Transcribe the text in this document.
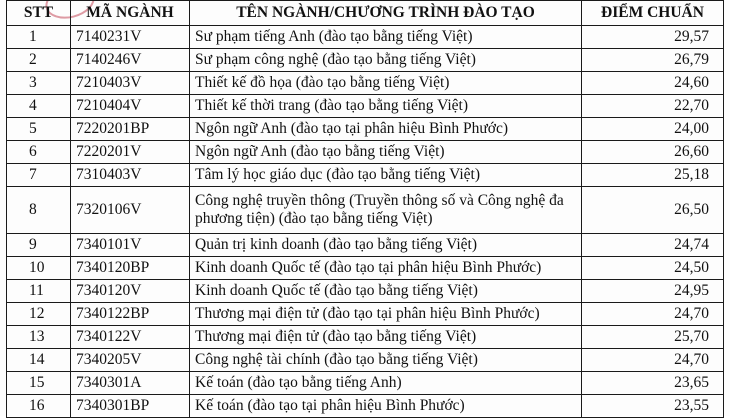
STT	MÃ NGÀNH	TÊN NGÀNH/CHƯƠNG TRÌNH ĐÀO TẠO	ĐIỂM CHUẨN
1	7140231V	Sư phạm tiếng Anh (đào tạo bằng tiếng Việt)	29,57
2	7140246V	Sư phạm công nghệ (đào tạo bằng tiếng Việt)	26,79
3	7210403V	Thiết kế đồ họa (đào tạo bằng tiếng Việt)	24,60
4	7210404V	Thiết kế thời trang (đào tạo bằng tiếng Việt)	22,70
5	7220201BP	Ngôn ngữ Anh (đào tạo tại phân hiệu Bình Phước)	24,00
6	7220201V	Ngôn ngữ Anh (đào tạo bằng tiếng Việt)	26,60
7	7310403V	Tâm lý học giáo dục (đào tạo bằng tiếng Việt)	25,18
8	7320106V	Công nghệ truyền thông (Truyền thông số và Công nghệ đa phương tiện) (đào tạo bằng tiếng Việt)	26,50
9	7340101V	Quản trị kinh doanh (đào tạo bằng tiếng Việt)	24,74
10	7340120BP	Kinh doanh Quốc tế (đào tạo tại phân hiệu Bình Phước)	24,50
11	7340120V	Kinh doanh Quốc tế (đào tạo bằng tiếng Việt)	24,95
12	7340122BP	Thương mại điện tử (đào tạo tại phân hiệu Bình Phước)	24,70
13	7340122V	Thương mại điện tử (đào tạo bằng tiếng Việt)	25,70
14	7340205V	Công nghệ tài chính (đào tạo bằng tiếng Việt)	24,70
15	7340301A	Kế toán (đào tạo bằng tiếng Anh)	23,65
16	7340301BP	Kế toán (đào tạo tại phân hiệu Bình Phước)	23,55
